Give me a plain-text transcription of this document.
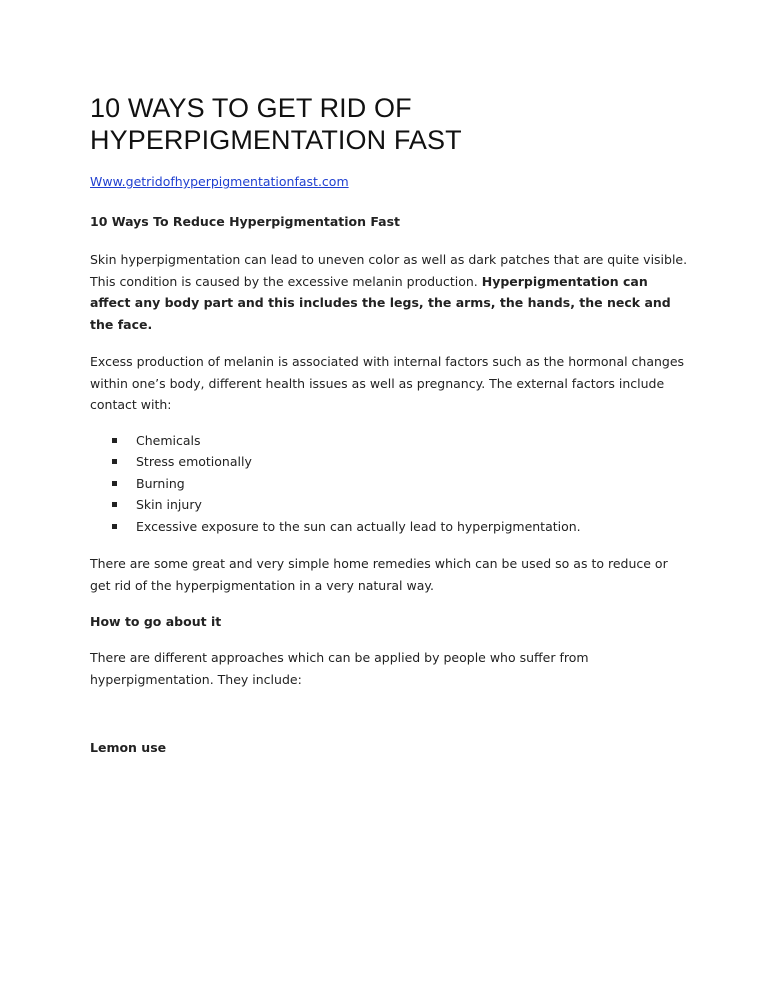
10 WAYS TO GET RID OF
HYPERPIGMENTATION FAST
Www.getridofhyperpigmentationfast.com
10 Ways To Reduce Hyperpigmentation Fast

Skin hyperpigmentation can lead to uneven color as well as dark patches that are quite visible. This condition is caused by the excessive melanin production. Hyperpigmentation can affect any body part and this includes the legs, the arms, the hands, the neck and the face.

Excess production of melanin is associated with internal factors such as the hormonal changes within one’s body, different health issues as well as pregnancy. The external factors include contact with:

Chemicals
Stress emotionally
Burning
Skin injury
Excessive exposure to the sun can actually lead to hyperpigmentation.

There are some great and very simple home remedies which can be used so as to reduce or get rid of the hyperpigmentation in a very natural way.

How to go about it

There are different approaches which can be applied by people who suffer from hyperpigmentation. They include:

Lemon use
